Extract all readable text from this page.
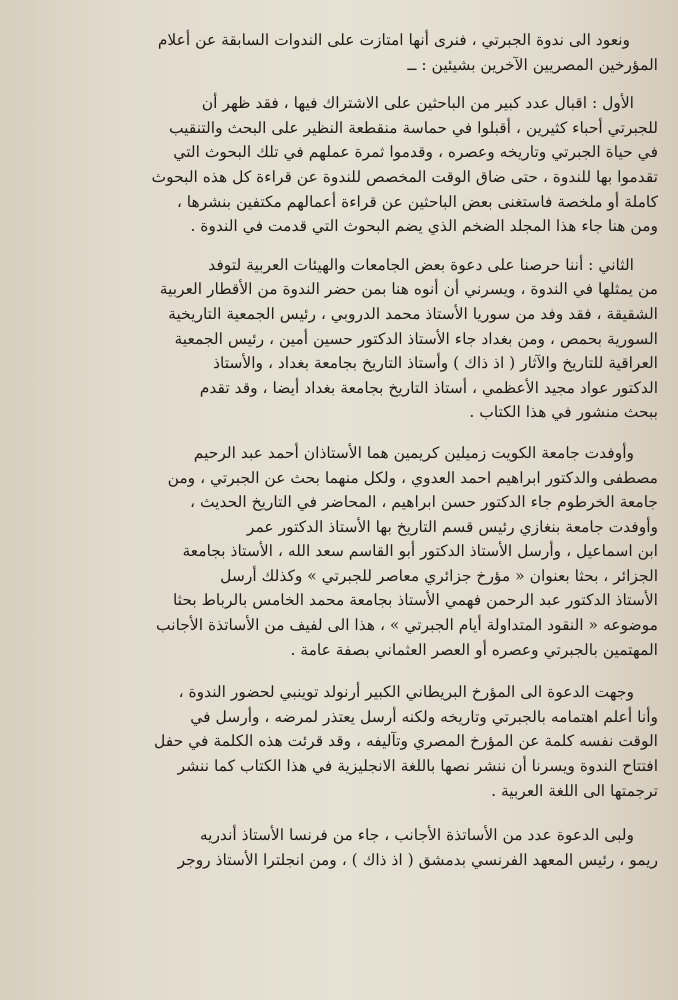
ونعود الى ندوة الجبرتي ، فنرى أنها امتازت على الندوات السابقة عن أعلام
المؤرخين المصريين الآخرين بشيئين : ــ
الأول : اقبال عدد كبير من الباحثين على الاشتراك فيها ، فقد ظهر أن
للجبرتي أحباء كثيرين ، أقبلوا في حماسة منقطعة النظير على البحث والتنقيب
في حياة الجبرتي وتاريخه وعصره ، وقدموا ثمرة عملهم في تلك البحوث التي
تقدموا بها للندوة ، حتى ضاق الوقت المخصص للندوة عن قراءة كل هذه البحوث
كاملة أو ملخصة فاستغنى بعض الباحثين عن قراءة أعمالهم مكتفين بنشرها ،
ومن هنا جاء هذا المجلد الضخم الذي يضم البحوث التي قدمت في الندوة .
الثاني : أننا حرصنا على دعوة بعض الجامعات والهيئات العربية لتوفد
من يمثلها في الندوة ، ويسرني أن أنوه هنا بمن حضر الندوة من الأقطار العربية
الشقيقة ، فقد وفد من سوريا الأستاذ محمد الدروبي ، رئيس الجمعية التاريخية
السورية بحمص ، ومن بغداد جاء الأستاذ الدكتور حسين أمين ، رئيس الجمعية
العراقية للتاريخ والآثار ( اذ ذاك ) وأستاذ التاريخ بجامعة بغداد ، والأستاذ
الدكتور عواد مجيد الأعظمي ، أستاذ التاريخ بجامعة بغداد أيضا ، وقد تقدم
ببحث منشور في هذا الكتاب .
وأوفدت جامعة الكويت زميلين كريمين هما الأستاذان أحمد عبد الرحيم
مصطفى والدكتور ابراهيم احمد العدوي ، ولكل منهما بحث عن الجبرتي ، ومن
جامعة الخرطوم جاء الدكتور حسن ابراهيم ، المحاضر في التاريخ الحديث ،
وأوفدت جامعة بنغازي رئيس قسم التاريخ بها الأستاذ الدكتور عمر
ابن اسماعيل ، وأرسل الأستاذ الدكتور أبو القاسم سعد الله ، الأستاذ بجامعة
الجزائر ، بحثا بعنوان « مؤرخ جزائري معاصر للجبرتي » وكذلك أرسل
الأستاذ الدكتور عبد الرحمن فهمي الأستاذ بجامعة محمد الخامس بالرباط بحثا
موضوعه « النقود المتداولة أيام الجبرتي » ، هذا الى لفيف من الأساتذة الأجانب
المهتمين بالجبرتي وعصره أو العصر العثماني بصفة عامة .
وجهت الدعوة الى المؤرخ البريطاني الكبير أرنولد توينبي لحضور الندوة ،
وأنا أعلم اهتمامه بالجبرتي وتاريخه ولكنه أرسل يعتذر لمرضه ، وأرسل في
الوقت نفسه كلمة عن المؤرخ المصري وتآليفه ، وقد قرئت هذه الكلمة في حفل
افتتاح الندوة ويسرنا أن ننشر نصها باللغة الانجليزية في هذا الكتاب كما ننشر
ترجمتها الى اللغة العربية .
ولبى الدعوة عدد من الأساتذة الأجانب ، جاء من فرنسا الأستاذ أندريه
ريمو ، رئيس المعهد الفرنسي بدمشق ( اذ ذاك ) ، ومن انجلترا الأستاذ روجر
